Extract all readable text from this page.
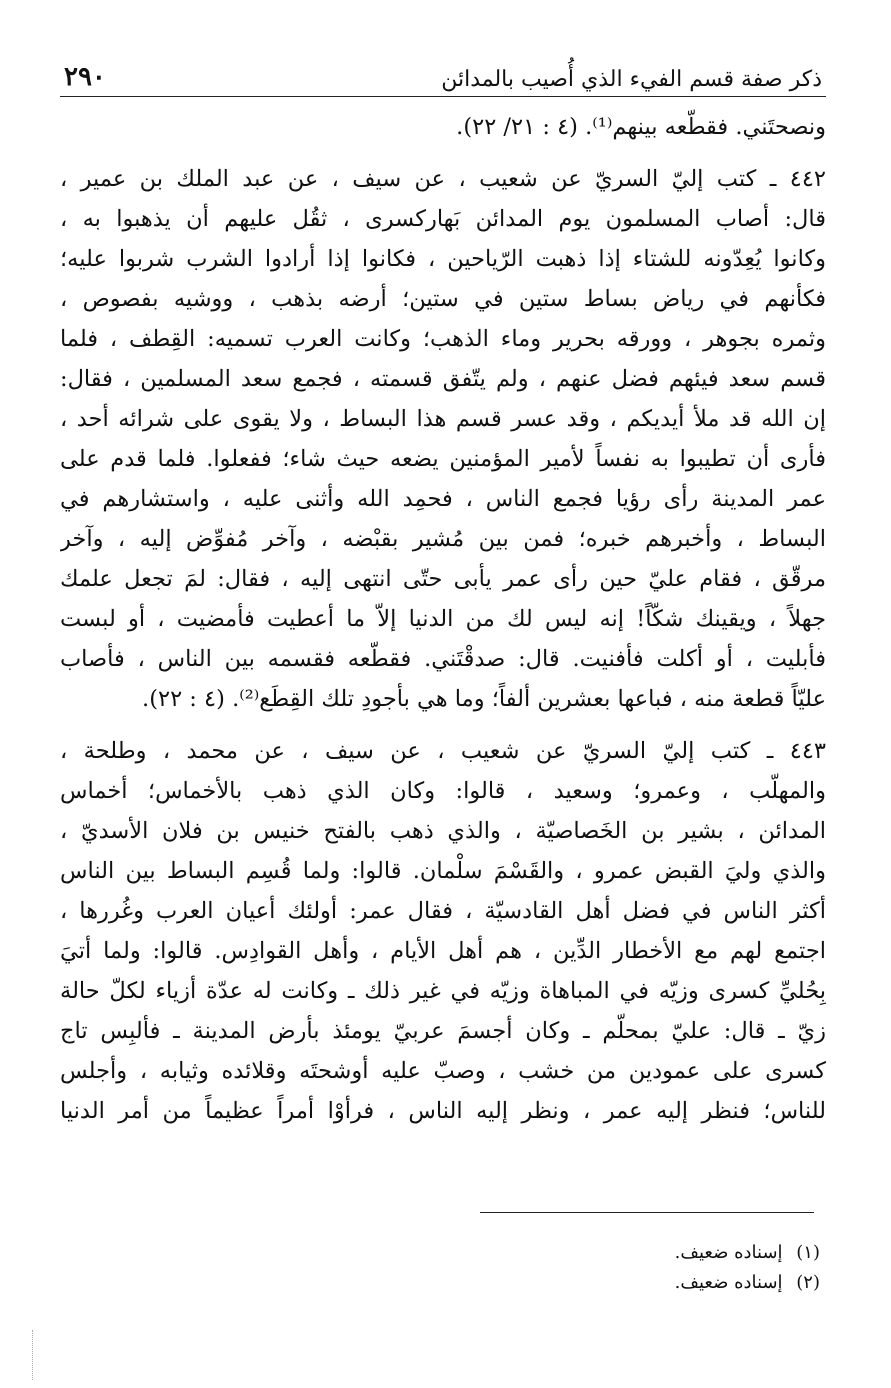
ذكر صفة قسم الفيء الذي أُصيب بالمدائن
٢٩٠
ونصحتَني. فقطّعه بينهم⁽¹⁾. (٤ : ٢١/ ٢٢).
٤٤٢ ـ كتب إليّ السريّ عن شعيب ، عن سيف ، عن عبد الملك بن عمير ،
قال: أصاب المسلمون يوم المدائن بَهاركسرى ، ثقُل عليهم أن يذهبوا به ،
وكانوا يُعِدّونه للشتاء إذا ذهبت الرّياحين ، فكانوا إذا أرادوا الشرب شربوا عليه؛
فكأنهم في رياض بساط ستين في ستين؛ أرضه بذهب ، ووشيه بفصوص ،
وثمره بجوهر ، وورقه بحرير وماء الذهب؛ وكانت العرب تسميه: القِطف ، فلما
قسم سعد فيئهم فضل عنهم ، ولم يتّفق قسمته ، فجمع سعد المسلمين ، فقال:
إن الله قد ملأ أيديكم ، وقد عسر قسم هذا البساط ، ولا يقوى على شرائه أحد ،
فأرى أن تطيبوا به نفساً لأمير المؤمنين يضعه حيث شاء؛ ففعلوا. فلما قدم على
عمر المدينة رأى رؤيا فجمع الناس ، فحمِد الله وأثنى عليه ، واستشارهم في
البساط ، وأخبرهم خبره؛ فمن بين مُشير بقبْضه ، وآخر مُفوِّض إليه ، وآخر
مرقّق ، فقام عليّ حين رأى عمر يأبى حتّى انتهى إليه ، فقال: لمَ تجعل علمك
جهلاً ، ويقينك شكّاً! إنه ليس لك من الدنيا إلاّ ما أعطيت فأمضيت ، أو لبست
فأبليت ، أو أكلت فأفنيت. قال: صدقْتَني. فقطّعه فقسمه بين الناس ، فأصاب
عليّاً قطعة منه ، فباعها بعشرين ألفاً؛ وما هي بأجودِ تلك القِطَع⁽²⁾. (٤ : ٢٢).
٤٤٣ ـ كتب إليّ السريّ عن شعيب ، عن سيف ، عن محمد ، وطلحة ،
والمهلّب ، وعمرو؛ وسعيد ، قالوا: وكان الذي ذهب بالأخماس؛ أخماس
المدائن ، بشير بن الخَصاصيّة ، والذي ذهب بالفتح خنيس بن فلان الأسديّ ،
والذي وليَ القبض عمرو ، والقَسْمَ سلْمان. قالوا: ولما قُسِم البساط بين الناس
أكثر الناس في فضل أهل القادسيّة ، فقال عمر: أولئك أعيان العرب وغُررها ،
اجتمع لهم مع الأخطار الدِّين ، هم أهل الأيام ، وأهل القوادِس. قالوا: ولما أتيَ
بِحُليِّ كسرى وزيّه في المباهاة وزيّه في غير ذلك ـ وكانت له عدّة أزياء لكلّ حالة
زيّ ـ قال: عليّ بمحلّم ـ وكان أجسمَ عربيّ يومئذ بأرض المدينة ـ فألبِس تاج
كسرى على عمودين من خشب ، وصبّ عليه أوشحتَه وقلائده وثيابه ، وأجلس
للناس؛ فنظر إليه عمر ، ونظر إليه الناس ، فرأوْا أمراً عظيماً من أمر الدنيا
(١) إسناده ضعيف.
(٢) إسناده ضعيف.
